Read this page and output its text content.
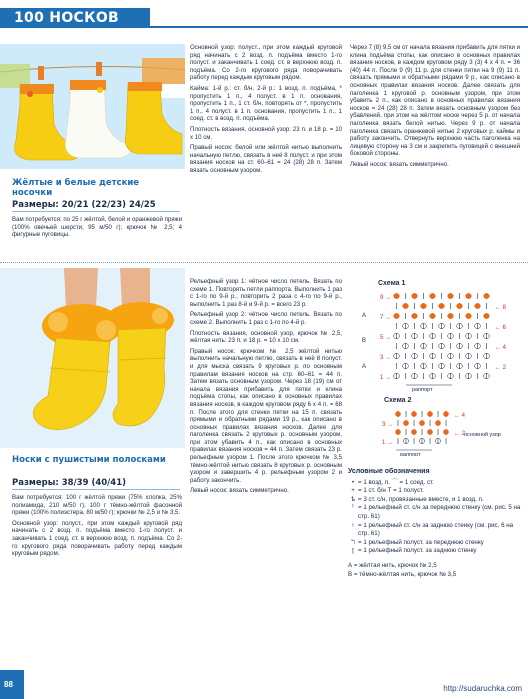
100 НОСКОВ
Жёлтые и белые детские носочки
Размеры: 20/21 (22/23) 24/25

Вам потребуется: по 25 г жёлтой, белой и оранжевой пряжи (100% овечьей шерсти, 95 м/50 г); крючок № 2,5; 4 фигурные пуговицы.

Основной узор: полуст., при этом каждый круговой ряд начинать с 2 возд. п. подъёма вместо 1-го полуст. и заканчивать 1 соед. ст. в верхнюю возд. п. подъёма. Со 2-го кругового ряда поворачивать работу перед каждым круговым рядом.

Кайма: 1-й р.: ст. б/н, 2-й р.: 1 возд. п. подъёма, * пропустить 1 п., 4 полуст. в 1 п. основания, пропустить 1 п., 1 ст. б/н, повторять от *, пропустить 1 п., 4 полуст. в 1 п. основания, пропустить 1 п., 1 соед. ст. в возд. п. подъёма.

Плотность вязания, основной узор: 23 п. и 18 р. = 10 х 10 см.

Правый носок: белой или жёлтой нитью выполнить начальную петлю, связать в неё 8 полуст. и при этом вязания носков на ст. 60–61 = 24 (28) 28 п. Затем вязать основным узором.

Через 7 (8) 9,5 см от начала вязания прибавить для пятки и клина подъёма стопы, как описано в основных правилах вязания носков, в каждом круговом ряду 3 (3) 4 х 4 п. = 36 (40) 44 п. После 9 (9) 11 р. для стенки пятки на 9 (9) 11 п. связать прямыми и обратными рядами 9 р., как описано в основных правилах вязания носков. Далее связать для паголенка 1 круговой р. основным узором, при этом убавить 2 п., как описано в основных правилах вязания носков = 24 (28) 28 п. Затем вязать основным узором без убавлений, при этом на жёлтом носке через 5 р. от начала паголенка вязать белой нитью. Через 9 р. от начала паголенка связать оранжевой нитью 2 круговых р. каймы и работу закончить. Отвернуть верхнюю часть паголенка на лицевую сторону на 3 см и закрепить пуговицей с внешней боковой стороны.

Левый носок: вязать симметрично.

Носки с пушистыми полосками
Размеры: 38/39 (40/41)

Вам потребуется: 100 г жёлтой пряжи (75% хлопка, 25% полиамида, 210 м/50 г); 100 г тёмно-жёлтой фасонной пряжи (100% полиэстера, 80 м/50 г); крючки № 2,5 и № 3,5.

Основной узор: полуст., при этом каждый круговой ряд начинать с 2 возд. п. подъёма вместо 1-го полуст. и заканчивать 1 соед. ст. в верхнюю возд. п. подъёма. Со 2-го кругового ряда поворачивать работу перед каждым круговым рядом.

Рельефный узор 1: чётное число петель. Вязать по схеме 1. Повторять петли раппорта. Выполнить 1 раз с 1-го по 9-й р., повторить 2 раза с 4-го по 9-й р., выполнить 1 раз 8-й и 9-й р. = всего 23 р.

Рельефный узор 2: чётное число петель. Вязать по схеме 2. Выполнить 1 раз с 1-го по 4-й р.

Плотность вязания, основной узор, крючок № 2,5, жёлтая нить: 23 п. и 18 р. = 10 х 10 см.

Правый носок: крючком № 2,5 жёлтой нитью выполнить начальную петлю, связать в неё 8 полуст. и для мыска связать 9 круговых р. по основным правилам вязания носков на стр. 60–61 = 44 п. Затем вязать основным узором. Через 18 (19) см от начала вязания прибавить для пятки и клина подъёма стопы, как описано в основных правилах вязания носков, в каждом круговом ряду 6 х 4 п. = 68 п. После этого для стенки пятки на 15 п. связать прямыми и обратными рядами 19 р., как описано в основных правилах вязания носков. Далее для паголенка связать 2 круговых р. основным узором, при этом убавить 4 п., как описано в основных правилах вязания носков = 44 п. Затем связать 23 р. рельефным узором 1. После этого крючком № 3,5 тёмно-жёлтой нитью связать 8 круговых р. основным узором и завершить 4 р. рельефным узором 2 и работу закончить.

Левый носок: вязать симметрично.

Схема 1
9 →
← 8
7 →
← 6
5 →
← 4
3 →
← 2
1 →
А
В
А
раппорт
Схема 2
← 4
3 →
← 2
1 →
основной узор
раппорт
Условные обозначения
• = 1 возд. п. ⌒ = 1 соед. ст.
+ = 1 ст. б/н Т = 1 полуст.
ѣ = 3 ст. с/н, провязанные вместе, и 1 возд. п.
ᶠ = 1 рельефный ст. с/н за переднюю стенку (см. рис. 5 на стр. 61)
ᶡ = 1 рельефный ст. с/н за заднюю стенку (см. рис. 6 на стр. 61)
ℸ = 1 рельефный полуст. за переднюю стенку
ʈ = 1 рельефный полуст. за заднюю стенку
А = жёлтая нить, крючок № 2,5
В = тёмно-жёлтая нить, крючок № 3,5
88	http://sudaruchka.com
